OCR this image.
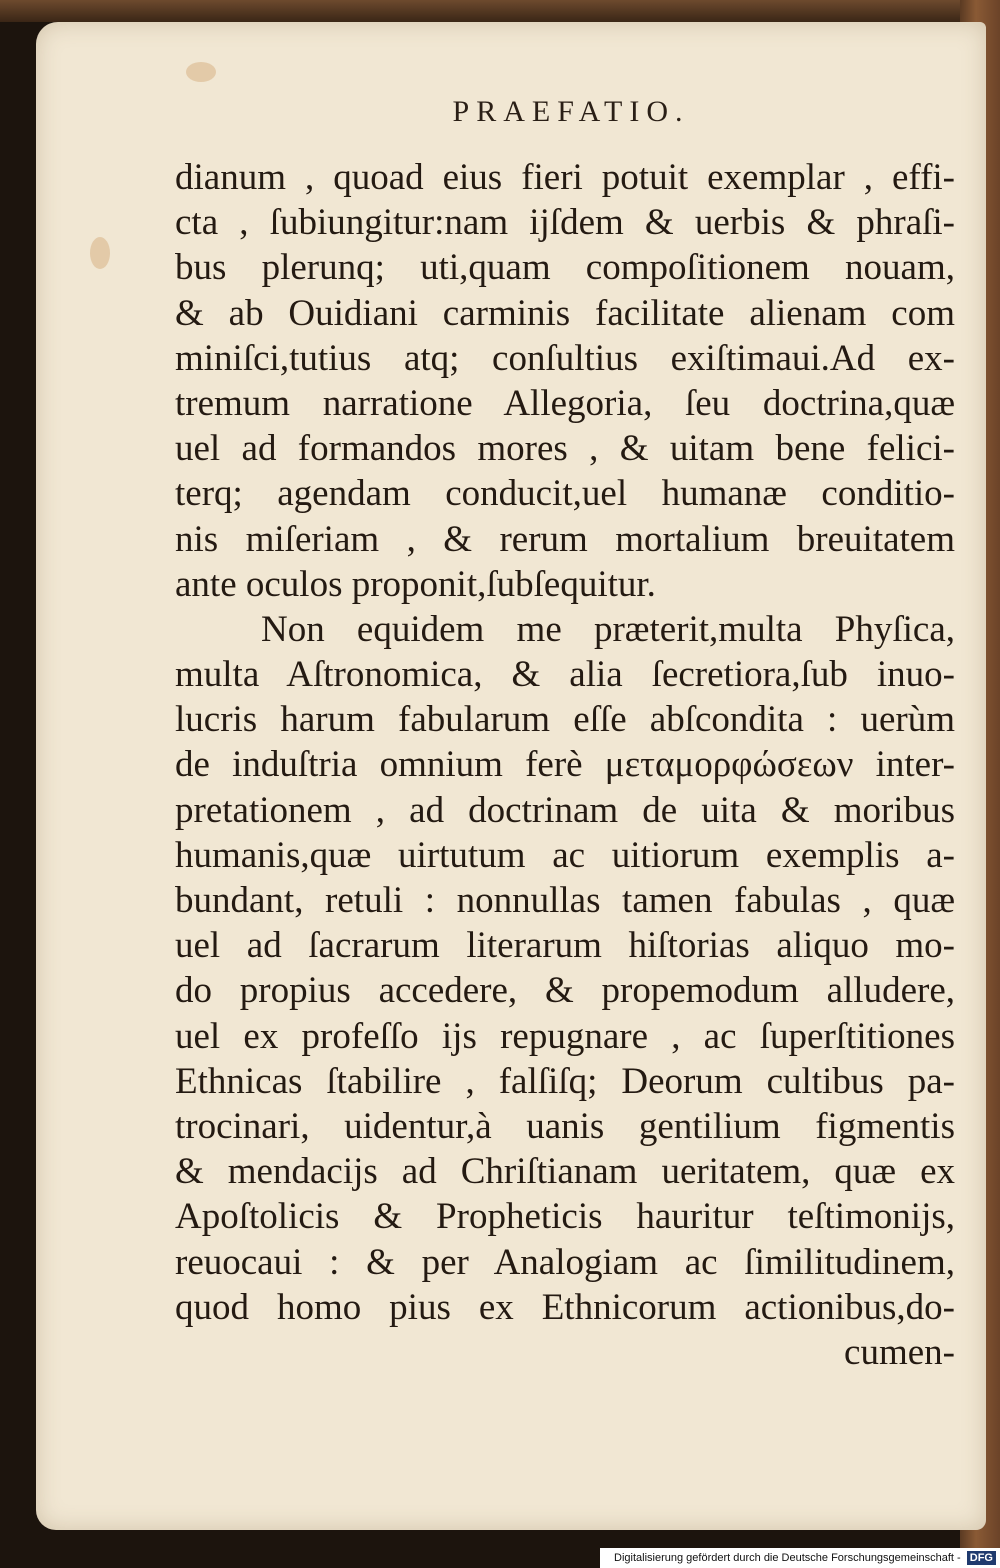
PRAEFATIO.
dianum , quoad eius fieri potuit exemplar , effi-
cta , ſubiungitur:nam ijſdem & uerbis & phraſi-
bus plerunq; uti,quam compoſitionem nouam,
& ab Ouidiani carminis facilitate alienam com
miniſci,tutius atq; conſultius exiſtimaui.Ad ex-
tremum narratione Allegoria, ſeu doctrina,quæ
uel ad formandos mores , & uitam bene felici-
terq; agendam conducit,uel humanæ conditio-
nis miſeriam , & rerum mortalium breuitatem
ante oculos proponit,ſubſequitur.
Non equidem me præterit,multa Phyſica,
multa Aſtronomica, & alia ſecretiora,ſub inuo-
lucris harum fabularum eſſe abſcondita : uerùm
de induſtria omnium ferè μεταμορφώσεων inter-
pretationem , ad doctrinam de uita & moribus
humanis,quæ uirtutum ac uitiorum exemplis a-
bundant, retuli : nonnullas tamen fabulas , quæ
uel ad ſacrarum literarum hiſtorias aliquo mo-
do propius accedere, & propemodum alludere,
uel ex profeſſo ijs repugnare , ac ſuperſtitiones
Ethnicas ſtabilire , falſiſq; Deorum cultibus pa-
trocinari, uidentur,à uanis gentilium figmentis
& mendacijs ad Chriſtianam ueritatem, quæ ex
Apoſtolicis & Propheticis hauritur teſtimonijs,
reuocaui : & per Analogiam ac ſimilitudinem,
quod homo pius ex Ethnicorum actionibus,do-
cumen-
Digitalisierung gefördert durch die Deutsche Forschungsgemeinschaft - DFG
